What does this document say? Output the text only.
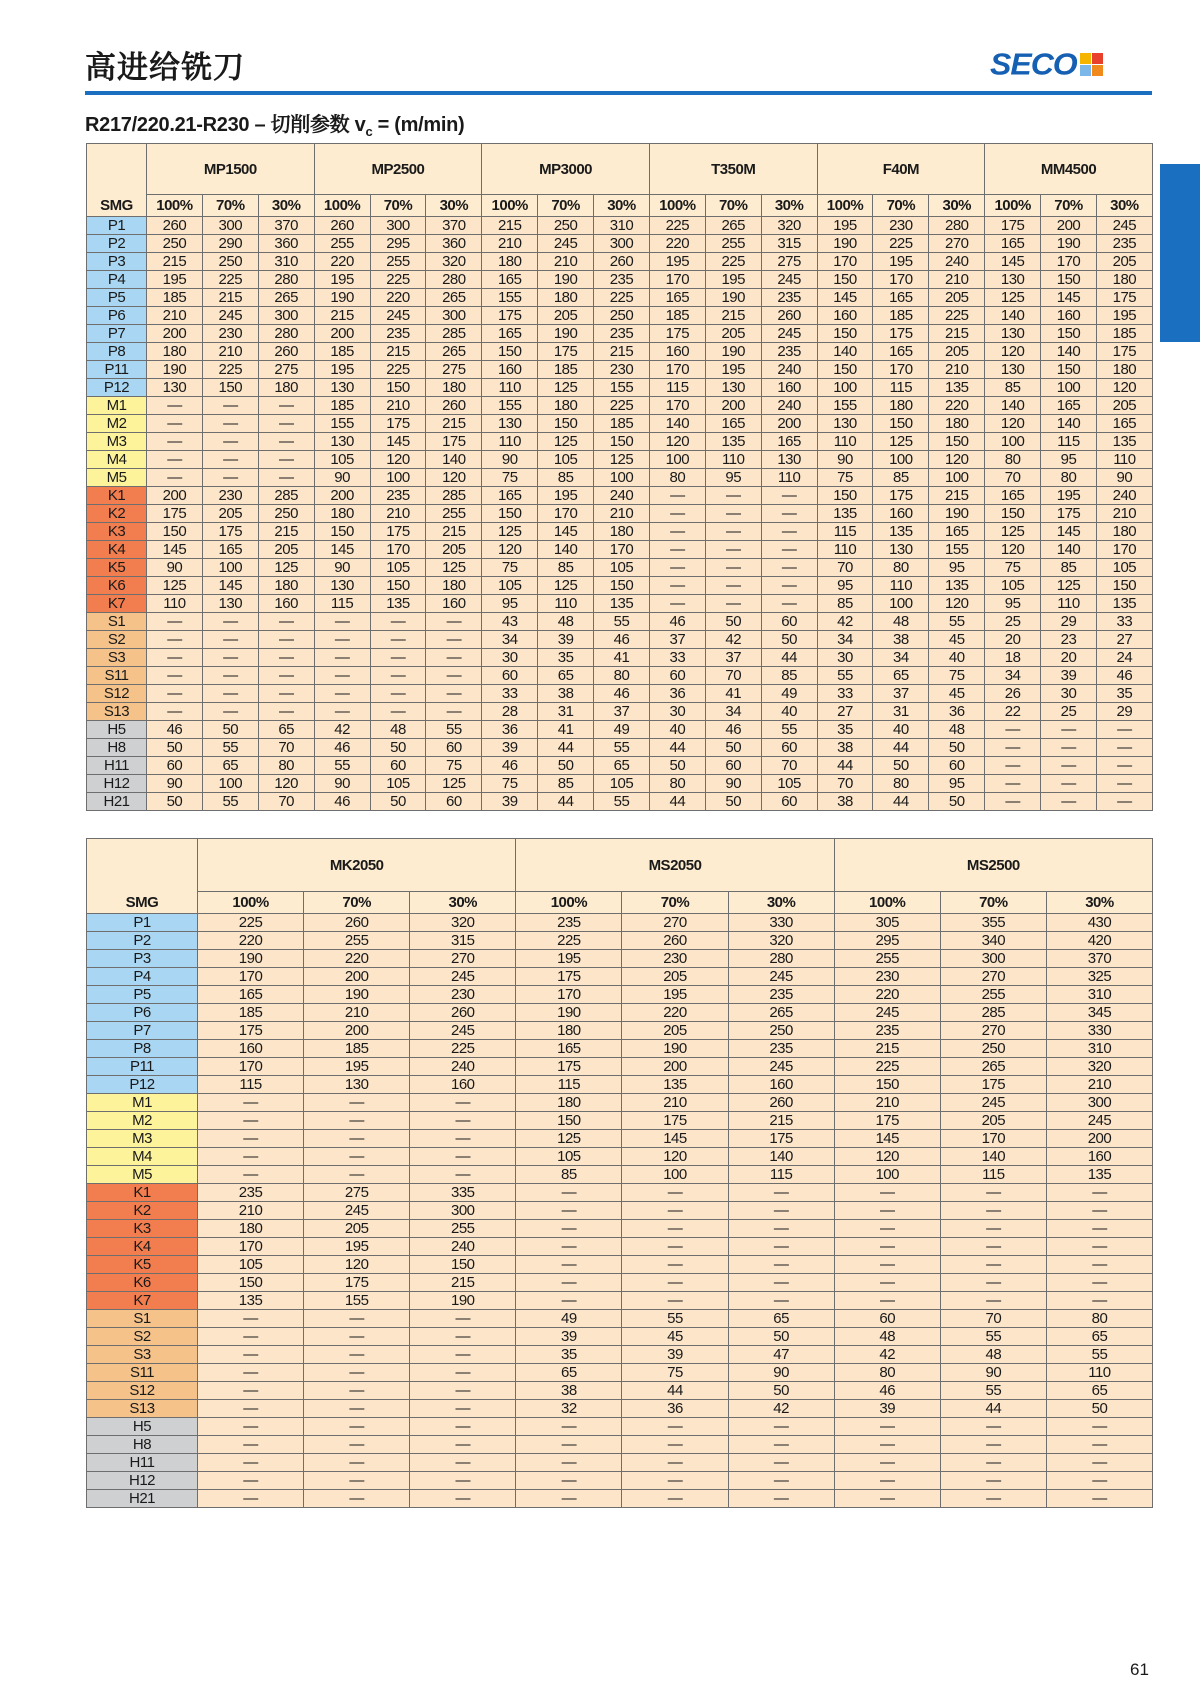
高进给铣刀	SECO
R217/220.21-R230 – 切削参数 $v_c = (m/\min)$
SMG	MP1500			MP2500			MP3000			T350M			F40M			MM4500		
	100%	70%	30%	100%	70%	30%	100%	70%	30%	100%	70%	30%	100%	70%	30%	100%	70%	30%
P1	260	300	370	260	300	370	215	250	310	225	265	320	195	230	280	175	200	245
P2	250	290	360	255	295	360	210	245	300	220	255	315	190	225	270	165	190	235
P3	215	250	310	220	255	320	180	210	260	195	225	275	170	195	240	145	170	205
P4	195	225	280	195	225	280	165	190	235	170	195	245	150	170	210	130	150	180
P5	185	215	265	190	220	265	155	180	225	165	190	235	145	165	205	125	145	175
P6	210	245	300	215	245	300	175	205	250	185	215	260	160	185	225	140	160	195
P7	200	230	280	200	235	285	165	190	235	175	205	245	150	175	215	130	150	185
P8	180	210	260	185	215	265	150	175	215	160	190	235	140	165	205	120	140	175
P11	190	225	275	195	225	275	160	185	230	170	195	240	150	170	210	130	150	180
P12	130	150	180	130	150	180	110	125	155	115	130	160	100	115	135	85	100	120
M1	—	—	—	185	210	260	155	180	225	170	200	240	155	180	220	140	165	205
M2	—	—	—	155	175	215	130	150	185	140	165	200	130	150	180	120	140	165
M3	—	—	—	130	145	175	110	125	150	120	135	165	110	125	150	100	115	135
M4	—	—	—	105	120	140	90	105	125	100	110	130	90	100	120	80	95	110
M5	—	—	—	90	100	120	75	85	100	80	95	110	75	85	100	70	80	90
K1	200	230	285	200	235	285	165	195	240	—	—	—	150	175	215	165	195	240
K2	175	205	250	180	210	255	150	170	210	—	—	—	135	160	190	150	175	210
K3	150	175	215	150	175	215	125	145	180	—	—	—	115	135	165	125	145	180
K4	145	165	205	145	170	205	120	140	170	—	—	—	110	130	155	120	140	170
K5	90	100	125	90	105	125	75	85	105	—	—	—	70	80	95	75	85	105
K6	125	145	180	130	150	180	105	125	150	—	—	—	95	110	135	105	125	150
K7	110	130	160	115	135	160	95	110	135	—	—	—	85	100	120	95	110	135
S1	—	—	—	—	—	—	43	48	55	46	50	60	42	48	55	25	29	33
S2	—	—	—	—	—	—	34	39	46	37	42	50	34	38	45	20	23	27
S3	—	—	—	—	—	—	30	35	41	33	37	44	30	34	40	18	20	24
S11	—	—	—	—	—	—	60	65	80	60	70	85	55	65	75	34	39	46
S12	—	—	—	—	—	—	33	38	46	36	41	49	33	37	45	26	30	35
S13	—	—	—	—	—	—	28	31	37	30	34	40	27	31	36	22	25	29
H5	46	50	65	42	48	55	36	41	49	40	46	55	35	40	48	—	—	—
H8	50	55	70	46	50	60	39	44	55	44	50	60	38	44	50	—	—	—
H11	60	65	80	55	60	75	46	50	65	50	60	70	44	50	60	—	—	—
H12	90	100	120	90	105	125	75	85	105	80	90	105	70	80	95	—	—	—
H21	50	55	70	46	50	60	39	44	55	44	50	60	38	44	50	—	—	—
SMG	MK2050			MS2050			MS2500		
	100%	70%	30%	100%	70%	30%	100%	70%	30%
P1	225	260	320	235	270	330	305	355	430
P2	220	255	315	225	260	320	295	340	420
P3	190	220	270	195	230	280	255	300	370
P4	170	200	245	175	205	245	230	270	325
P5	165	190	230	170	195	235	220	255	310
P6	185	210	260	190	220	265	245	285	345
P7	175	200	245	180	205	250	235	270	330
P8	160	185	225	165	190	235	215	250	310
P11	170	195	240	175	200	245	225	265	320
P12	115	130	160	115	135	160	150	175	210
M1	—	—	—	180	210	260	210	245	300
M2	—	—	—	150	175	215	175	205	245
M3	—	—	—	125	145	175	145	170	200
M4	—	—	—	105	120	140	120	140	160
M5	—	—	—	85	100	115	100	115	135
K1	235	275	335	—	—	—	—	—	—
K2	210	245	300	—	—	—	—	—	—
K3	180	205	255	—	—	—	—	—	—
K4	170	195	240	—	—	—	—	—	—
K5	105	120	150	—	—	—	—	—	—
K6	150	175	215	—	—	—	—	—	—
K7	135	155	190	—	—	—	—	—	—
S1	—	—	—	49	55	65	60	70	80
S2	—	—	—	39	45	50	48	55	65
S3	—	—	—	35	39	47	42	48	55
S11	—	—	—	65	75	90	80	90	110
S12	—	—	—	38	44	50	46	55	65
S13	—	—	—	32	36	42	39	44	50
H5	—	—	—	—	—	—	—	—	—
H8	—	—	—	—	—	—	—	—	—
H11	—	—	—	—	—	—	—	—	—
H12	—	—	—	—	—	—	—	—	—
H21	—	—	—	—	—	—	—	—	—
61
